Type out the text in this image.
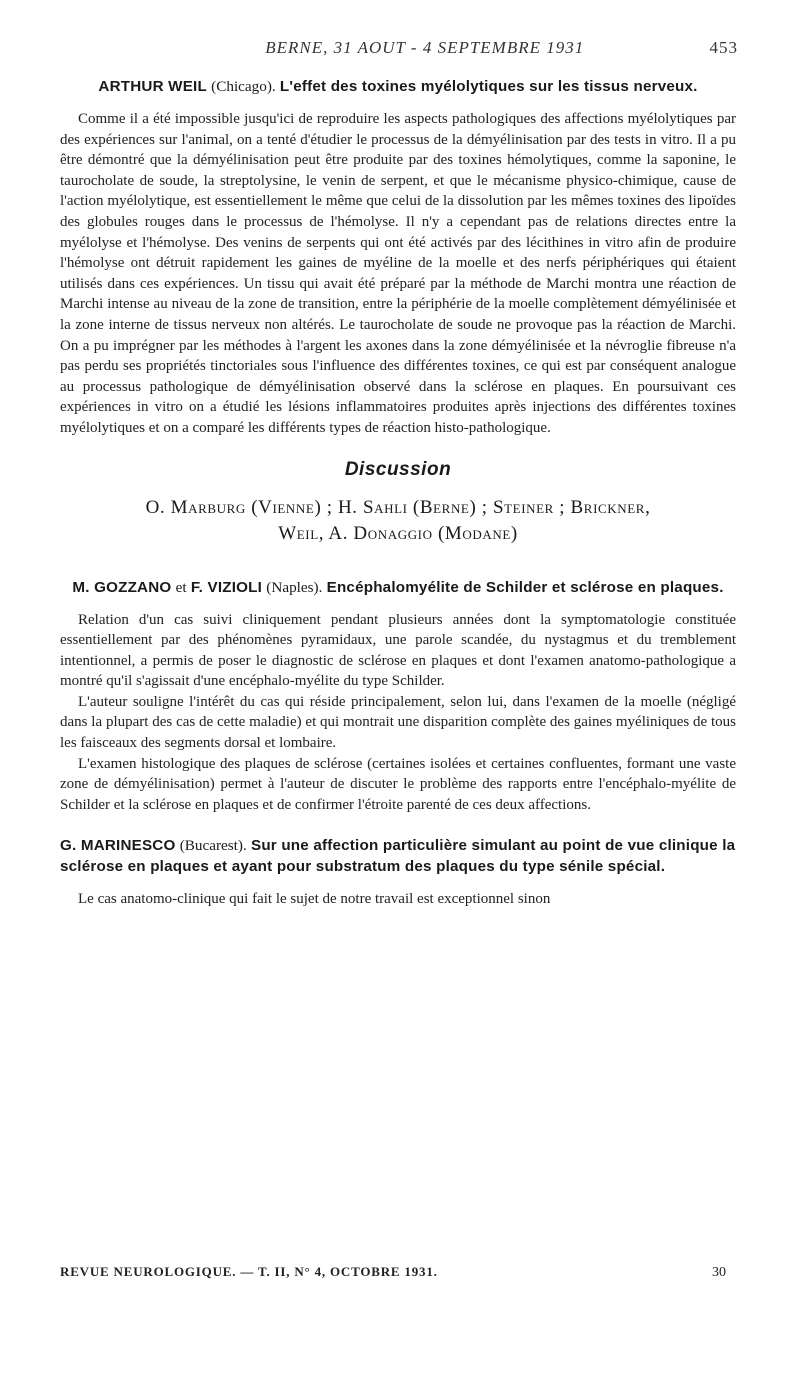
BERNE, 31 AOUT - 4 SEPTEMBRE 1931	453
ARTHUR WEIL (Chicago). L'effet des toxines myélolytiques sur les tissus nerveux.

Comme il a été impossible jusqu'ici de reproduire les aspects pathologiques des affections myélolytiques par des expériences sur l'animal, on a tenté d'étudier le processus de la démyélinisation par des tests in vitro. Il a pu être démontré que la démyélinisation peut être produite par des toxines hémolytiques, comme la saponine, le taurocholate de soude, la streptolysine, le venin de serpent, et que le mécanisme physico-chimique, cause de l'action myélolytique, est essentiellement le même que celui de la dissolution par les mêmes toxines des lipoïdes des globules rouges dans le processus de l'hémolyse. Il n'y a cependant pas de relations directes entre la myélolyse et l'hémolyse. Des venins de serpents qui ont été activés par des lécithines in vitro afin de produire l'hémolyse ont détruit rapidement les gaines de myéline de la moelle et des nerfs périphériques qui étaient utilisés dans ces expériences. Un tissu qui avait été préparé par la méthode de Marchi montra une réaction de Marchi intense au niveau de la zone de transition, entre la périphérie de la moelle complètement démyélinisée et la zone interne de tissus nerveux non altérés. Le taurocholate de soude ne provoque pas la réaction de Marchi. On a pu imprégner par les méthodes à l'argent les axones dans la zone démyélinisée et la névroglie fibreuse n'a pas perdu ses propriétés tinctoriales sous l'influence des différentes toxines, ce qui est par conséquent analogue au processus pathologique de démyélinisation observé dans la sclérose en plaques. En poursuivant ces expériences in vitro on a étudié les lésions inflammatoires produites après injections des différentes toxines myélolytiques et on a comparé les différents types de réaction histo-pathologique.

Discussion
O. Marburg (Vienne) ; H. Sahli (Berne) ; Steiner ; Brickner,
Weil, A. Donaggio (Modane)
M. GOZZANO et F. VIZIOLI (Naples). Encéphalomyélite de Schilder et sclérose en plaques.

Relation d'un cas suivi cliniquement pendant plusieurs années dont la symptomatologie constituée essentiellement par des phénomènes pyramidaux, une parole scandée, du nystagmus et du tremblement intentionnel, a permis de poser le diagnostic de sclérose en plaques et dont l'examen anatomo-pathologique a montré qu'il s'agissait d'une encéphalo-myélite du type Schilder.

L'auteur souligne l'intérêt du cas qui réside principalement, selon lui, dans l'examen de la moelle (négligé dans la plupart des cas de cette maladie) et qui montrait une disparition complète des gaines myéliniques de tous les faisceaux des segments dorsal et lombaire.

L'examen histologique des plaques de sclérose (certaines isolées et certaines confluentes, formant une vaste zone de démyélinisation) permet à l'auteur de discuter le problème des rapports entre l'encéphalo-myélite de Schilder et la sclérose en plaques et de confirmer l'étroite parenté de ces deux affections.

G. MARINESCO (Bucarest). Sur une affection particulière simulant au point de vue clinique la sclérose en plaques et ayant pour substratum des plaques du type sénile spécial.

Le cas anatomo-clinique qui fait le sujet de notre travail est exceptionnel sinon

REVUE NEUROLOGIQUE. — T. II, N° 4, OCTOBRE 1931.	30
